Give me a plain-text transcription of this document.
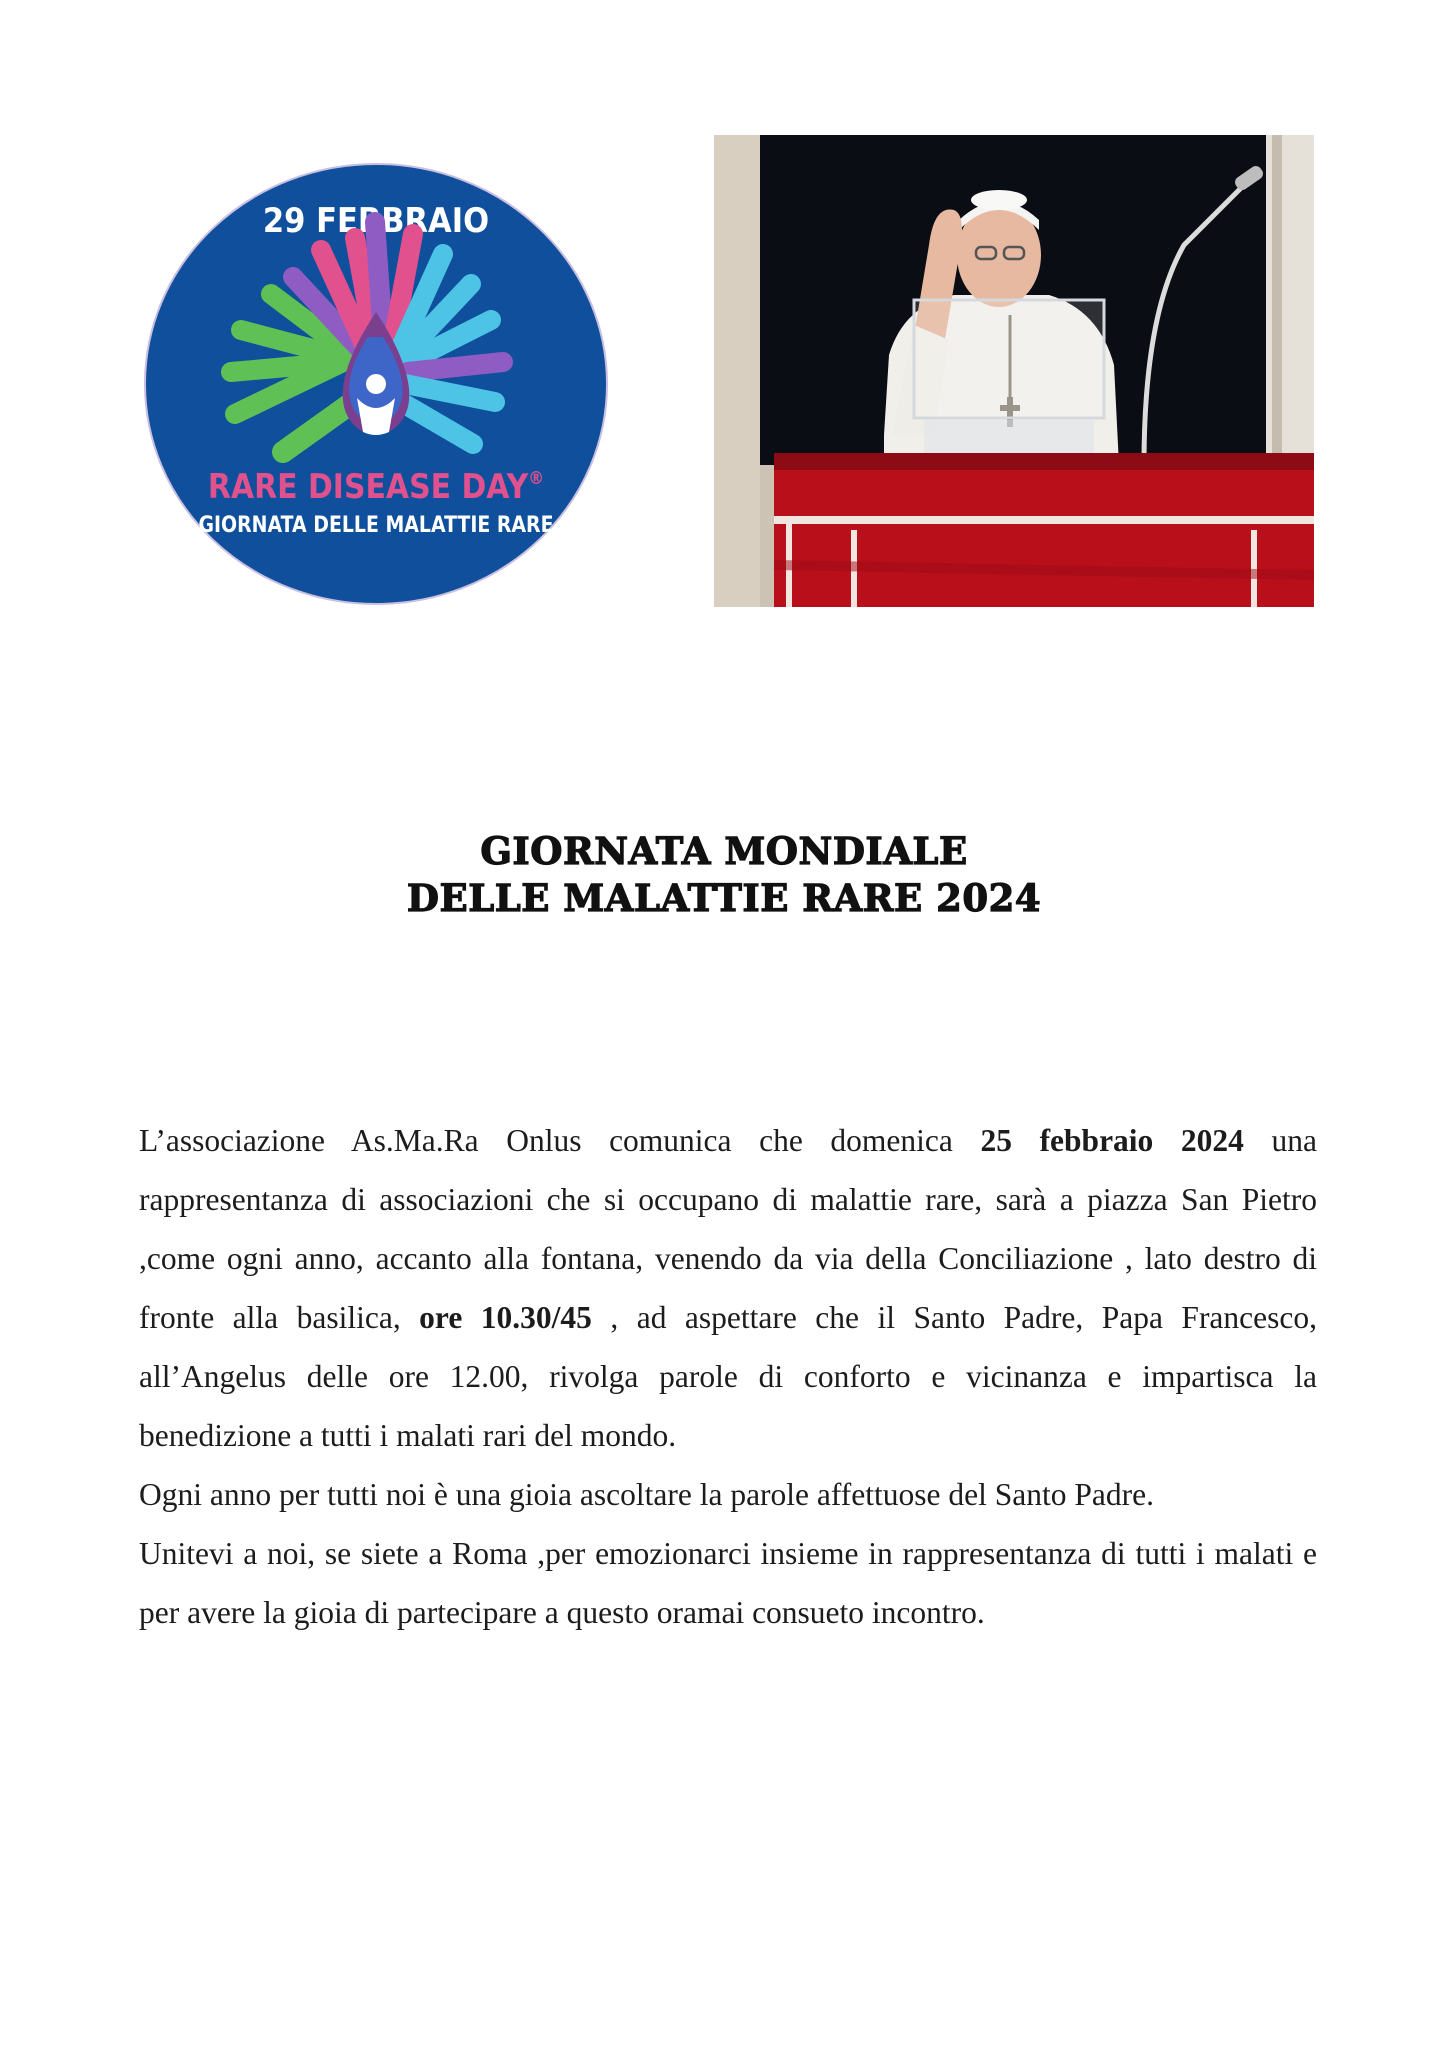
29 FEBBRAIO
RARE DISEASE DAY®
GIORNATA DELLE MALATTIE RARE
GIORNATA MONDIALE
DELLE MALATTIE RARE 2024

L’associazione As.Ma.Ra Onlus comunica che domenica 25 febbraio 2024 una rappresentanza di associazioni che si occupano di malattie rare, sarà a piazza San Pietro ,come ogni anno, accanto alla fontana, venendo da via della Conciliazione , lato destro di fronte alla basilica, ore 10.30/45 , ad aspettare che il Santo Padre, Papa Francesco, all’Angelus delle ore 12.00, rivolga parole di conforto e vicinanza e impartisca la benedizione a tutti i malati rari del mondo.

Ogni anno per tutti noi è una gioia ascoltare la parole affettuose del Santo Padre.

Unitevi a noi, se siete a Roma ,per emozionarci insieme in rappresentanza di tutti i malati e per avere la gioia di partecipare a questo oramai consueto incontro.
